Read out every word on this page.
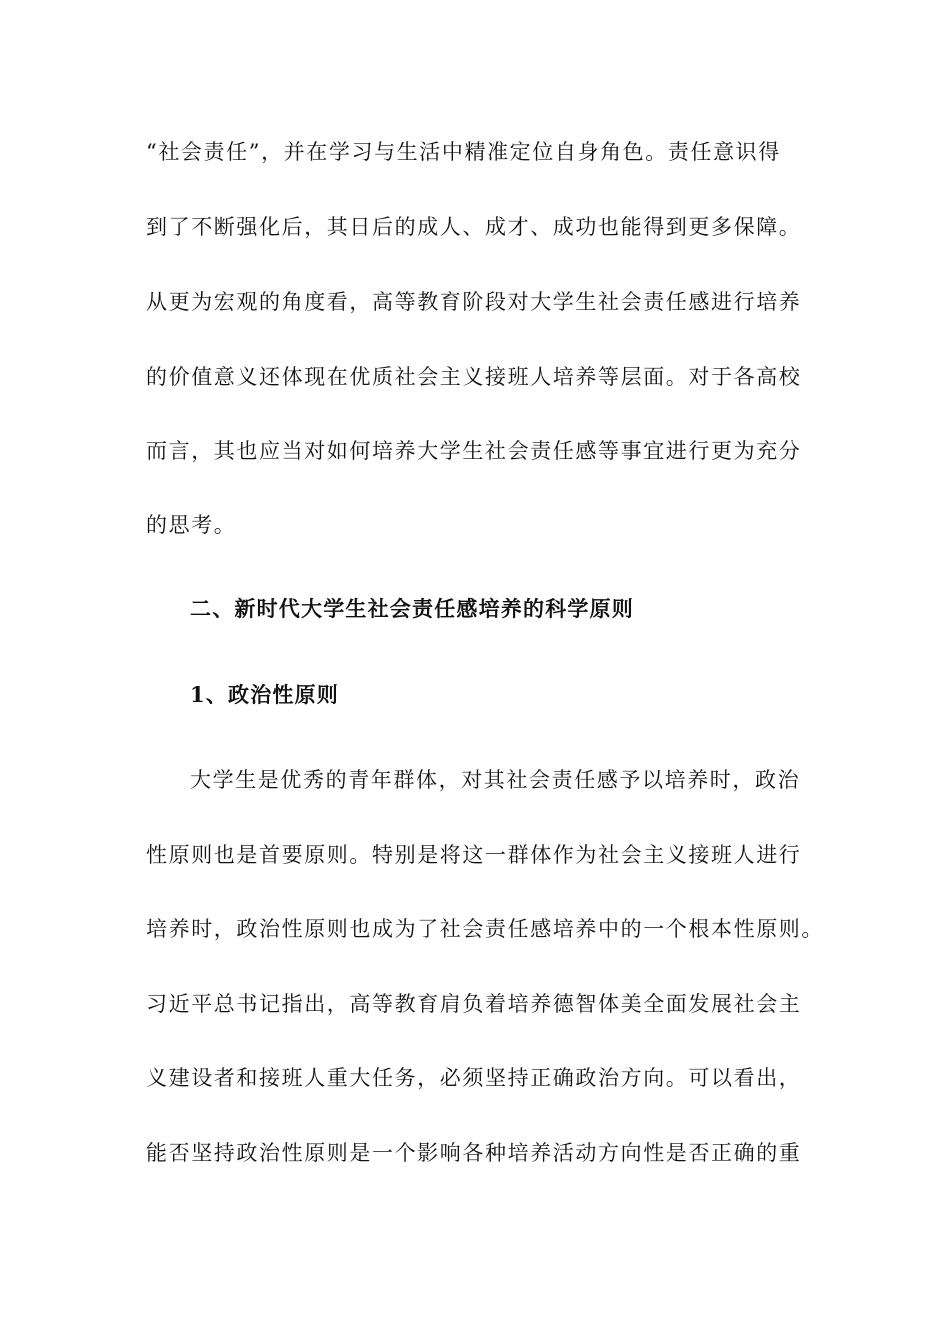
“社会责任”，并在学习与生活中精准定位自身角色。责任意识得
到了不断强化后，其日后的成人、成才、成功也能得到更多保障。
从更为宏观的角度看，高等教育阶段对大学生社会责任感进行培养
的价值意义还体现在优质社会主义接班人培养等层面。对于各高校
而言，其也应当对如何培养大学生社会责任感等事宜进行更为充分
的思考。
二、新时代大学生社会责任感培养的科学原则
1、政治性原则
大学生是优秀的青年群体，对其社会责任感予以培养时，政治
性原则也是首要原则。特别是将这一群体作为社会主义接班人进行
培养时，政治性原则也成为了社会责任感培养中的一个根本性原则。
习近平总书记指出，高等教育肩负着培养德智体美全面发展社会主
义建设者和接班人重大任务，必须坚持正确政治方向。可以看出，
能否坚持政治性原则是一个影响各种培养活动方向性是否正确的重
